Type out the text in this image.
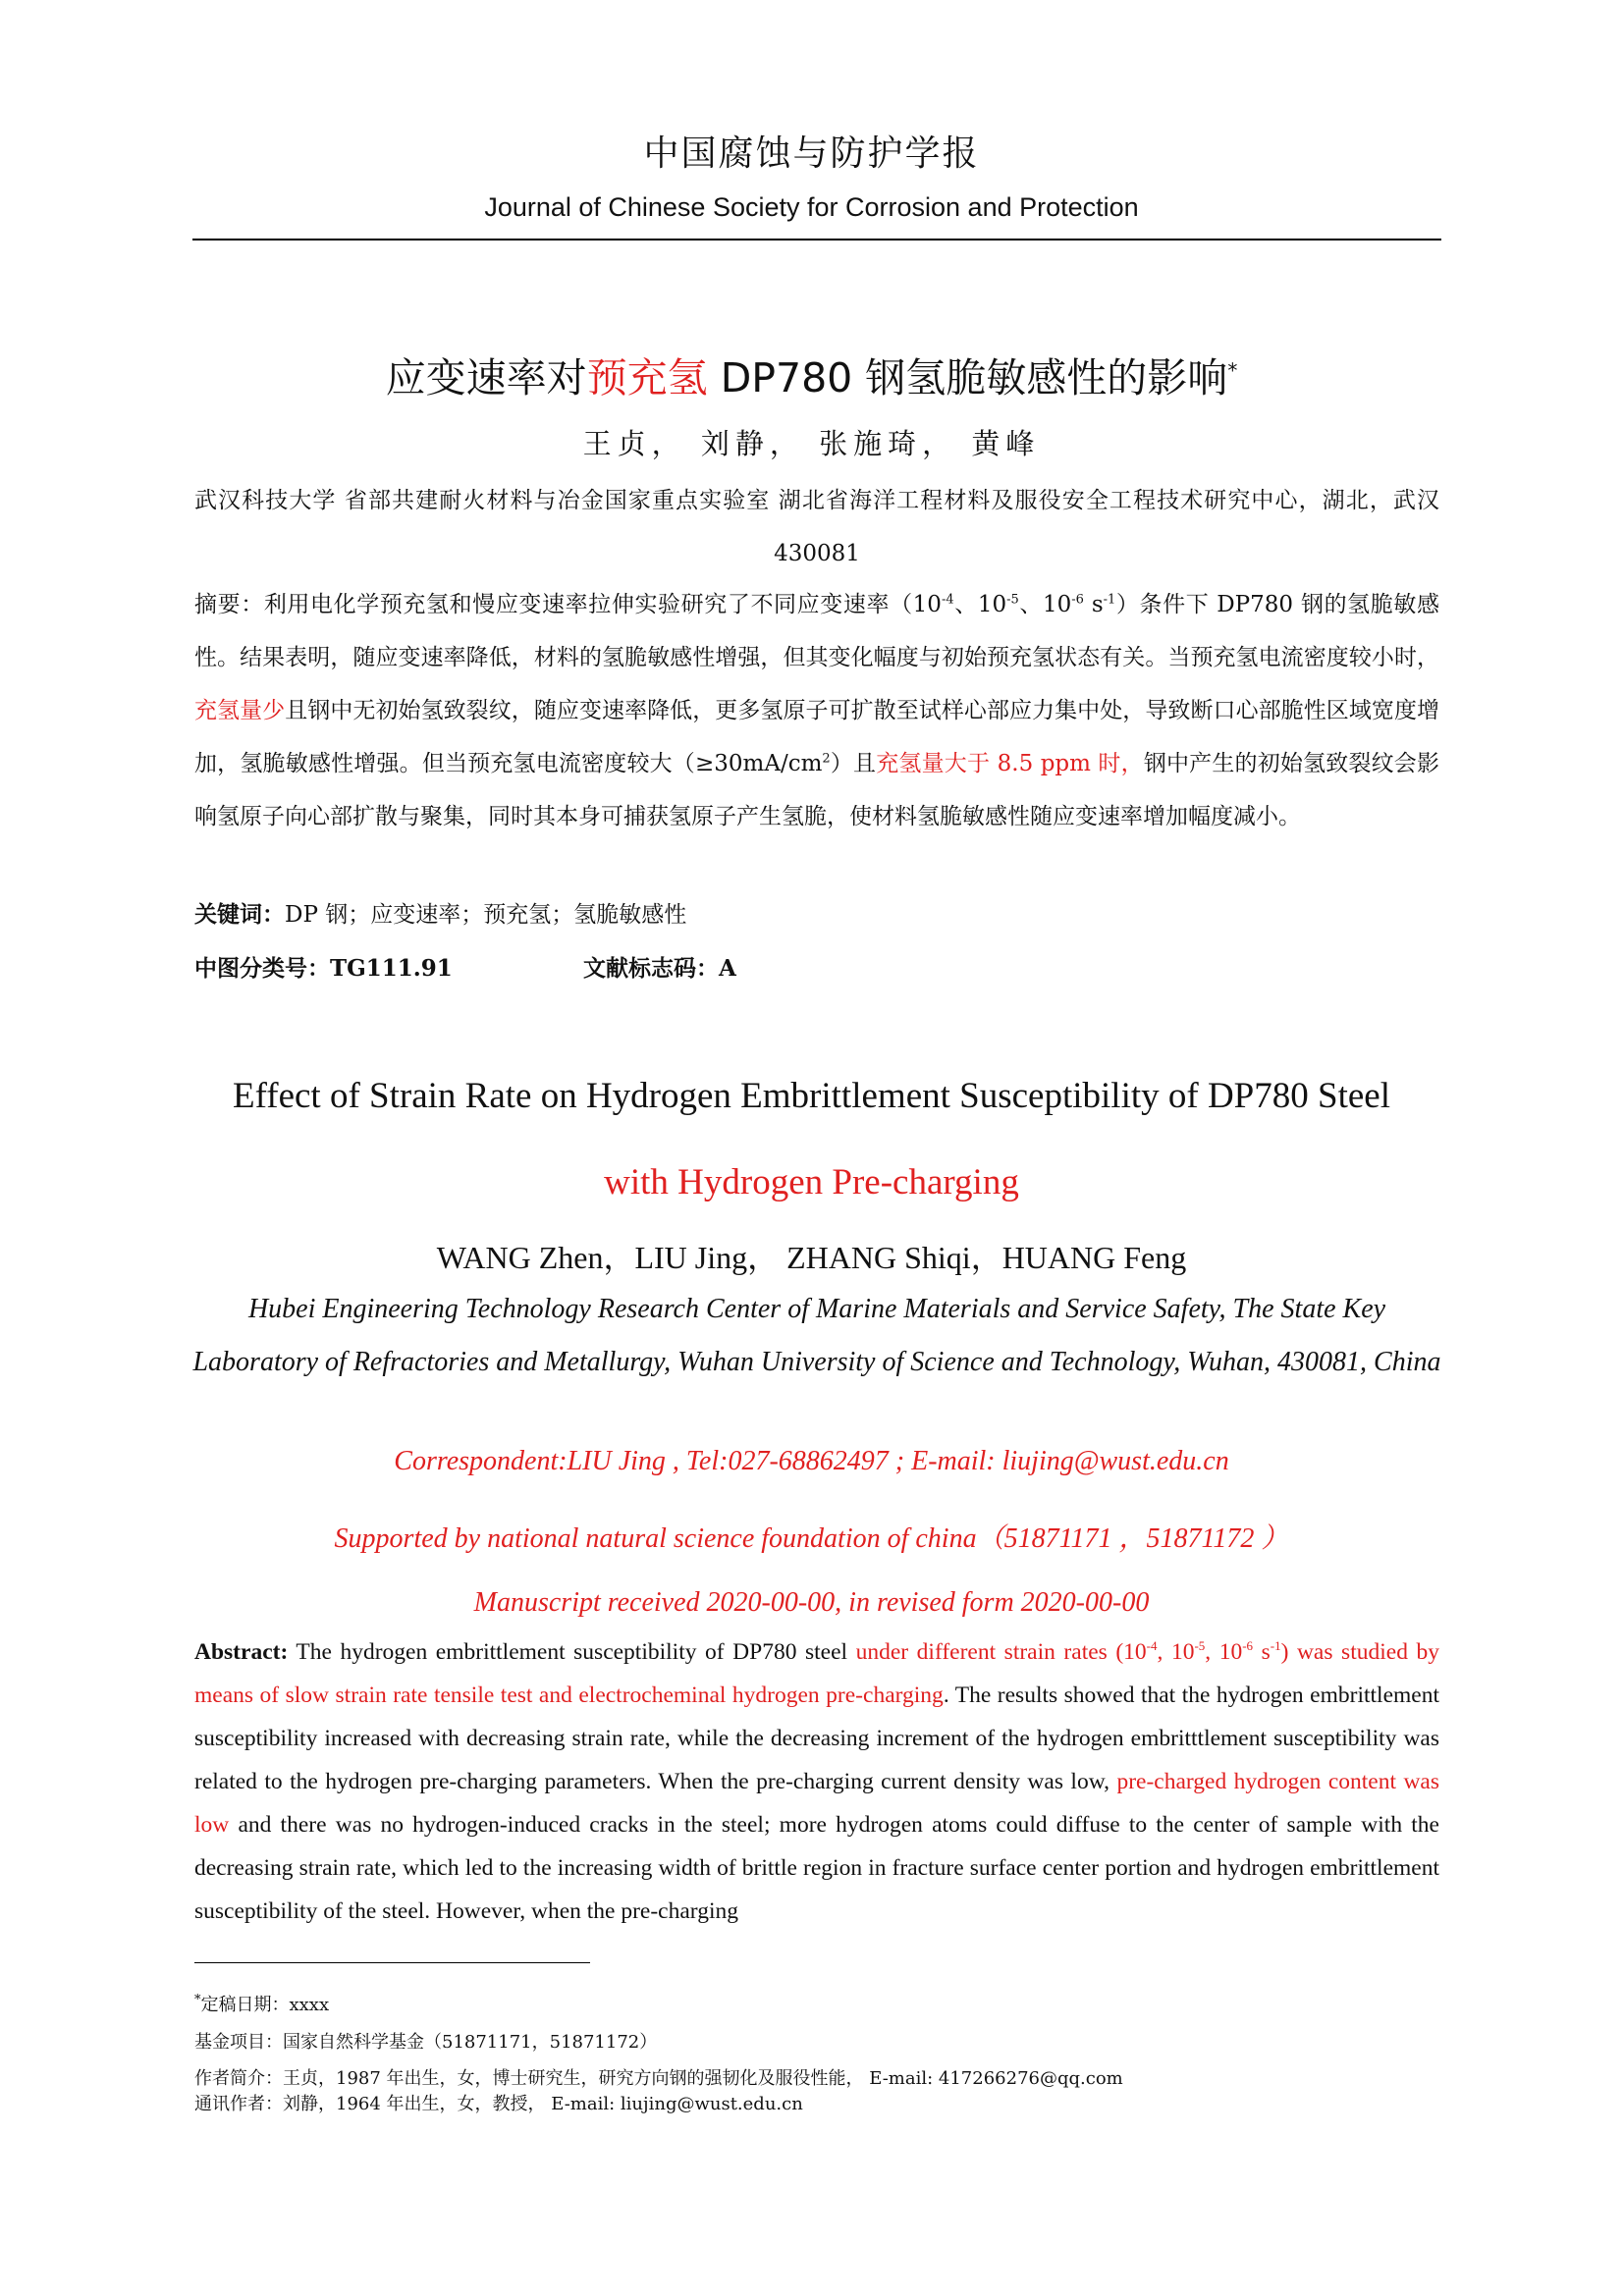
中国腐蚀与防护学报
Journal of Chinese Society for Corrosion and Protection
应变速率对预充氢 DP780 钢氢脆敏感性的影响*
王贞， 刘静， 张施琦， 黄峰

武汉科技大学 省部共建耐火材料与冶金国家重点实验室 湖北省海洋工程材料及服役安全工程技术研究中心，湖北，武汉 430081

摘要：利用电化学预充氢和慢应变速率拉伸实验研究了不同应变速率（$10^{-4}$、$10^{-5}$、$10^{-6}$ $s^{-1}$）条件下 DP780 钢的氢脆敏感性。结果表明，随应变速率降低，材料的氢脆敏感性增强，但其变化幅度与初始预充氢状态有关。当预充氢电流密度较小时，充氢量少且钢中无初始氢致裂纹，随应变速率降低，更多氢原子可扩散至试样心部应力集中处，导致断口心部脆性区域宽度增加，氢脆敏感性增强。但当预充氢电流密度较大$(\ge 30mA/cm^2)$且充氢量大于 8.5 ppm 时，钢中产生的初始氢致裂纹会影响氢原子向心部扩散与聚集，同时其本身可捕获氢原子产生氢脆，使材料氢脆敏感性随应变速率增加幅度减小。

关键词：DP 钢；应变速率；预充氢；氢脆敏感性
中图分类号：TG111.91	文献标志码：A
Effect of Strain Rate on Hydrogen Embrittlement Susceptibility of DP780 Steel
with Hydrogen Pre-charging
WANG Zhen，LIU Jing， ZHANG Shiqi，HUANG Feng
Hubei Engineering Technology Research Center of Marine Materials and Service Safety, The State Key Laboratory of Refractories and Metallurgy, Wuhan University of Science and Technology, Wuhan, 430081, China
Correspondent:LIU Jing , Tel:027-68862497 ; E-mail: liujing@wust.edu.cn
Supported by national natural science foundation of china（51871171 ，51871172 ）
Manuscript received 2020-00-00, in revised form 2020-00-00

Abstract: The hydrogen embrittlement susceptibility of DP780 steel under different strain rates ($10^{-4}$, $10^{-5}$, $10^{-6}$ $s^{-1}$) was studied by means of slow strain rate tensile test and electrocheminal hydrogen pre-charging. The results showed that the hydrogen embrittlement susceptibility increased with decreasing strain rate, while the decreasing increment of the hydrogen embritttlement susceptibility was related to the hydrogen pre-charging parameters. When the pre-charging current density was low, pre-charged hydrogen content was low and there was no hydrogen-induced cracks in the steel; more hydrogen atoms could diffuse to the center of sample with the decreasing strain rate, which led to the increasing width of brittle region in fracture surface center portion and hydrogen embrittlement susceptibility of the steel. However, when the pre-charging

*定稿日期：xxxx
基金项目：国家自然科学基金（51871171，51871172）
作者简介：王贞，1987 年出生，女，博士研究生，研究方向钢的强韧化及服役性能， E-mail: 417266276@qq.com
通讯作者：刘静，1964 年出生，女，教授， E-mail: liujing@wust.edu.cn
